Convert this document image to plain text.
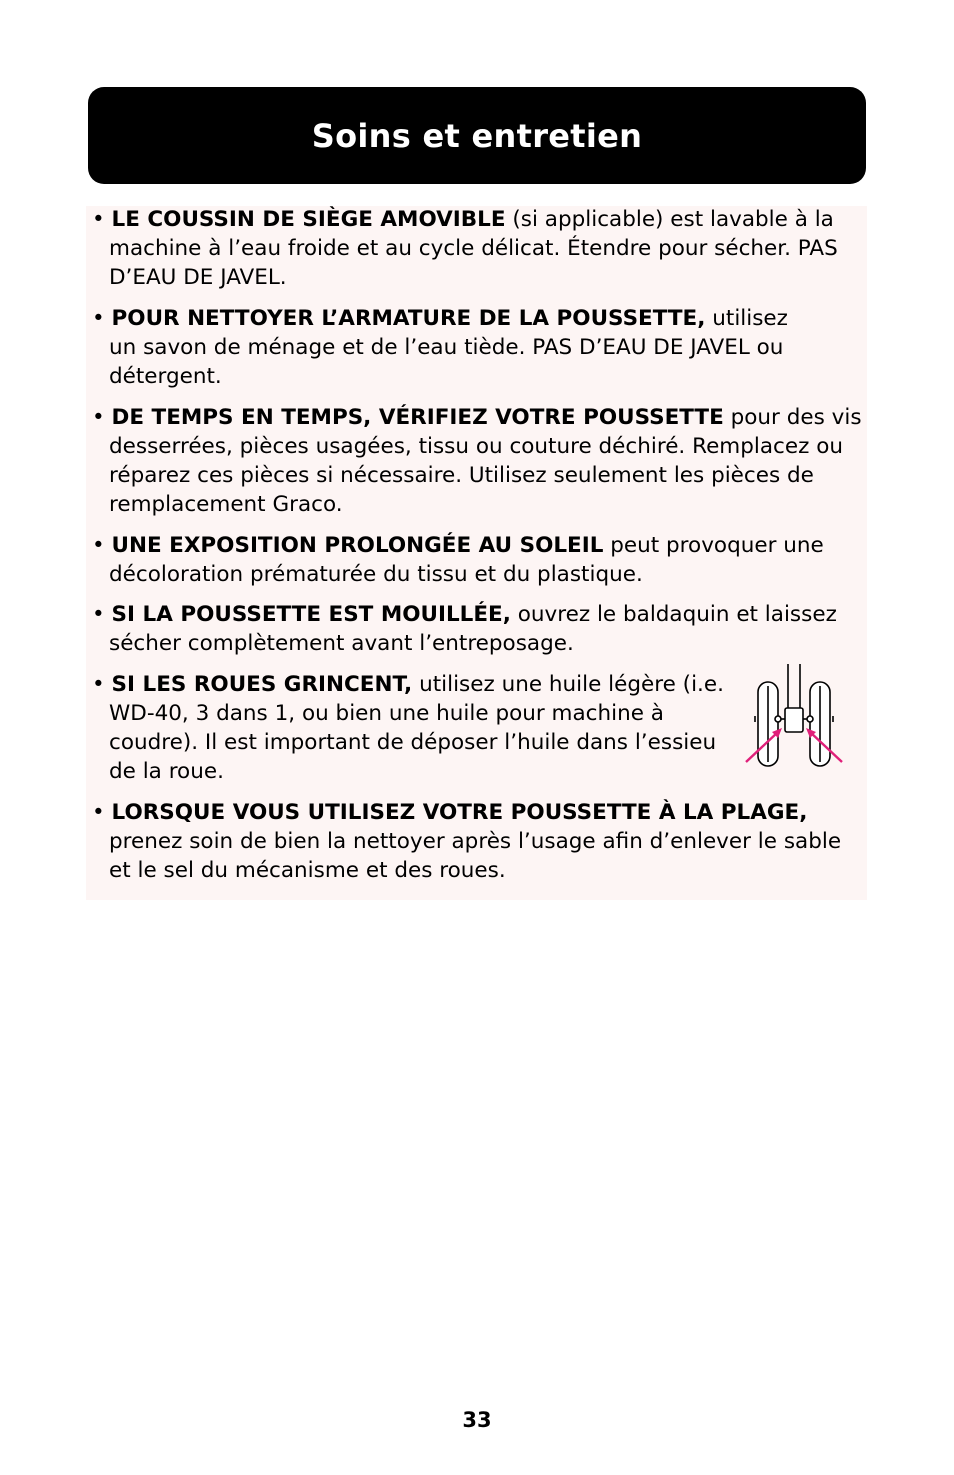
Soins et entretien
• LE COUSSIN DE SIÈGE AMOVIBLE (si applicable) est lavable à la
machine à l’eau froide et au cycle délicat. Étendre pour sécher. PAS
D’EAU DE JAVEL.
• POUR NETTOYER L’ARMATURE DE LA POUSSETTE, utilisez
un savon de ménage et de l’eau tiède. PAS D’EAU DE JAVEL ou
détergent.
• DE TEMPS EN TEMPS, VÉRIFIEZ VOTRE POUSSETTE pour des vis
desserrées, pièces usagées, tissu ou couture déchiré. Remplacez ou
réparez ces pièces si nécessaire. Utilisez seulement les pièces de
remplacement Graco.
• UNE EXPOSITION PROLONGÉE AU SOLEIL peut provoquer une
décoloration prématurée du tissu et du plastique.
• SI LA POUSSETTE EST MOUILLÉE, ouvrez le baldaquin et laissez
sécher complètement avant l’entreposage.
• SI LES ROUES GRINCENT, utilisez une huile légère (i.e.
WD-40, 3 dans 1, ou bien une huile pour machine à
coudre). Il est important de déposer l’huile dans l’essieu
de la roue.
• LORSQUE VOUS UTILISEZ VOTRE POUSSETTE À LA PLAGE,
prenez soin de bien la nettoyer après l’usage afin d’enlever le sable
et le sel du mécanisme et des roues.
33
